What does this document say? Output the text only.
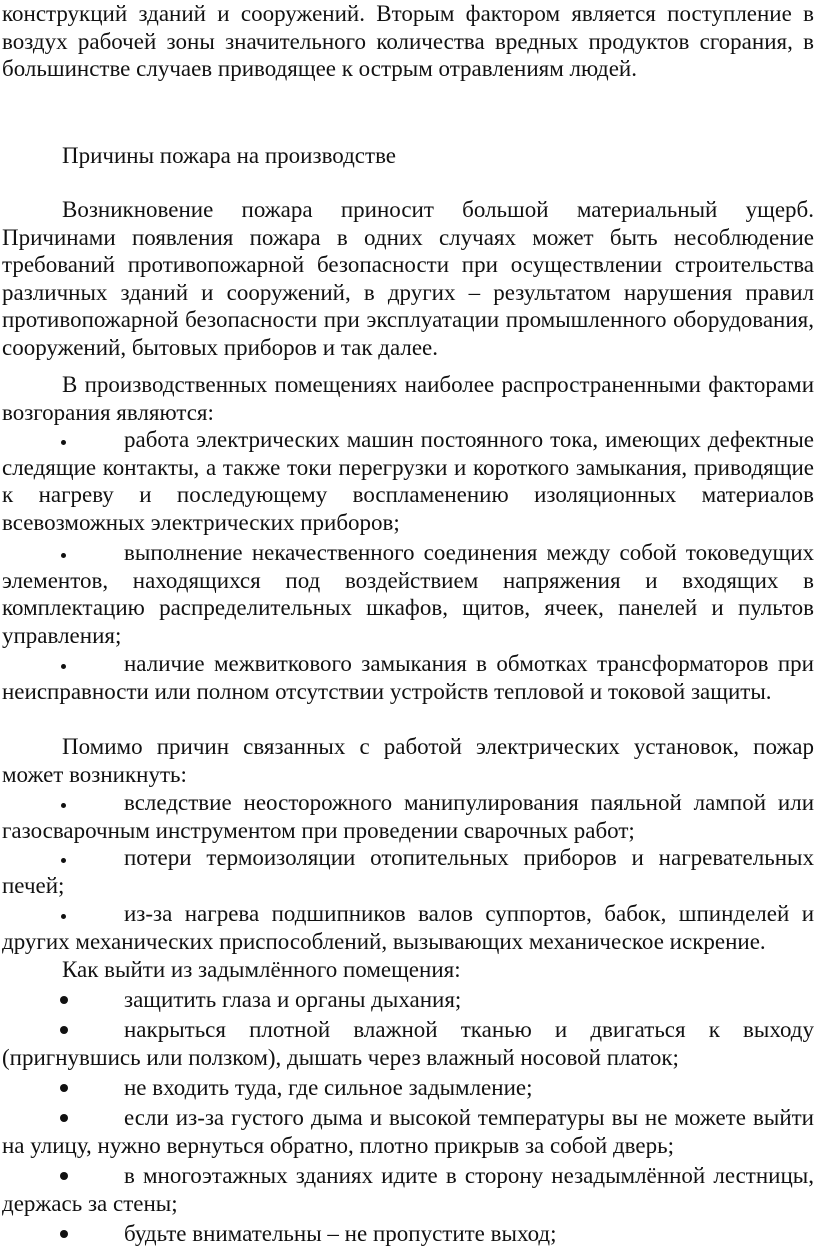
конструкций зданий и сооружений. Вторым фактором является поступление в воздух рабочей зоны значительного количества вредных продуктов сгорания, в большинстве случаев приводящее к острым отравлениям людей.

Причины пожара на производстве

Возникновение пожара приносит большой материальный ущерб. Причинами появления пожара в одних случаях может быть несоблюдение требований противопожарной безопасности при осуществлении строительства различных зданий и сооружений, в других – результатом нарушения правил противопожарной безопасности при эксплуатации промышленного оборудования, сооружений, бытовых приборов и так далее.

В производственных помещениях наиболее распространенными факторами возгорания являются:

работа электрических машин постоянного тока, имеющих дефектные следящие контакты, а также токи перегрузки и короткого замыкания, приводящие к нагреву и последующему воспламенению изоляционных материалов всевозможных электрических приборов;

выполнение некачественного соединения между собой токоведущих элементов, находящихся под воздействием напряжения и входящих в комплектацию распределительных шкафов, щитов, ячеек, панелей и пультов управления;

наличие межвиткового замыкания в обмотках трансформаторов при неисправности или полном отсутствии устройств тепловой и токовой защиты.

Помимо причин связанных с работой электрических установок, пожар может возникнуть:

вследствие неосторожного манипулирования паяльной лампой или газосварочным инструментом при проведении сварочных работ;

потери термоизоляции отопительных приборов и нагревательных печей;

из-за нагрева подшипников валов суппортов, бабок, шпинделей и других механических приспособлений, вызывающих механическое искрение.

Как выйти из задымлённого помещения:

защитить глаза и органы дыхания;

накрыться плотной влажной тканью и двигаться к выходу (пригнувшись или ползком), дышать через влажный носовой платок;

не входить туда, где сильное задымление;

если из-за густого дыма и высокой температуры вы не можете выйти на улицу, нужно вернуться обратно, плотно прикрыв за собой дверь;

в многоэтажных зданиях идите в сторону незадымлённой лестницы, держась за стены;

будьте внимательны – не пропустите выход;
